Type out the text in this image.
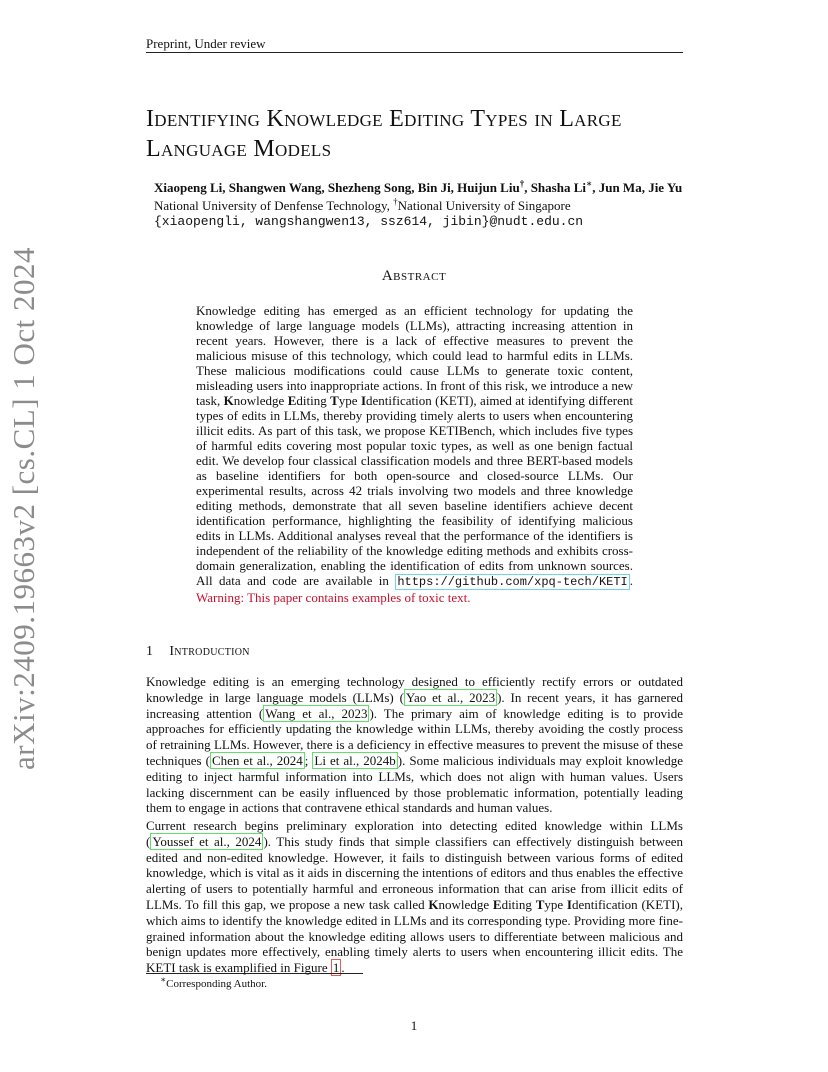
Preprint, Under review
arXiv:2409.19663v2 [cs.CL] 1 Oct 2024
Identifying Knowledge Editing Types in Large Language Models
Xiaopeng Li, Shangwen Wang, Shezheng Song, Bin Ji, Huijun Liu†, Shasha Li∗, Jun Ma, Jie Yu
National University of Denfense Technology, †National University of Singapore
{xiaopengli, wangshangwen13, ssz614, jibin}@nudt.edu.cn
Abstract
Knowledge editing has emerged as an efficient technology for updating the knowledge of large language models (LLMs), attracting increasing attention in recent years. However, there is a lack of effective measures to prevent the malicious misuse of this technology, which could lead to harmful edits in LLMs. These malicious modifications could cause LLMs to generate toxic content, misleading users into inappropriate actions. In front of this risk, we introduce a new task, Knowledge Editing Type Identification (KETI), aimed at identifying different types of edits in LLMs, thereby providing timely alerts to users when encountering illicit edits. As part of this task, we propose KETIBench, which includes five types of harmful edits covering most popular toxic types, as well as one benign factual edit. We develop four classical classification models and three BERT-based models as baseline identifiers for both open-source and closed-source LLMs. Our experimental results, across 42 trials involving two models and three knowledge editing methods, demonstrate that all seven baseline identifiers achieve decent identification performance, highlighting the feasibility of identifying malicious edits in LLMs. Additional analyses reveal that the performance of the identifiers is independent of the reliability of the knowledge editing methods and exhibits cross-domain generalization, enabling the identification of edits from unknown sources. All data and code are available in https://github.com/xpq-tech/KETI . Warning: This paper contains examples of toxic text.
1 Introduction
Knowledge editing is an emerging technology designed to efficiently rectify errors or outdated knowledge in large language models (LLMs) ( Yao et al., 2023 ). In recent years, it has garnered increasing attention ( Wang et al., 2023 ). The primary aim of knowledge editing is to provide approaches for efficiently updating the knowledge within LLMs, thereby avoiding the costly process of retraining LLMs. However, there is a deficiency in effective measures to prevent the misuse of these techniques ( Chen et al., 2024 ; Li et al., 2024b ). Some malicious individuals may exploit knowledge editing to inject harmful information into LLMs, which does not align with human values. Users lacking discernment can be easily influenced by those problematic information, potentially leading them to engage in actions that contravene ethical standards and human values.
Current research begins preliminary exploration into detecting edited knowledge within LLMs ( Youssef et al., 2024 ). This study finds that simple classifiers can effectively distinguish between edited and non-edited knowledge. However, it fails to distinguish between various forms of edited knowledge, which is vital as it aids in discerning the intentions of editors and thus enables the effective alerting of users to potentially harmful and erroneous information that can arise from illicit edits of LLMs. To fill this gap, we propose a new task called Knowledge Editing Type Identification (KETI), which aims to identify the knowledge edited in LLMs and its corresponding type. Providing more fine-grained information about the knowledge editing allows users to differentiate between malicious and benign updates more effectively, enabling timely alerts to users when encountering illicit edits. The KETI task is examplified in Figure 1 .
∗Corresponding Author.
1
